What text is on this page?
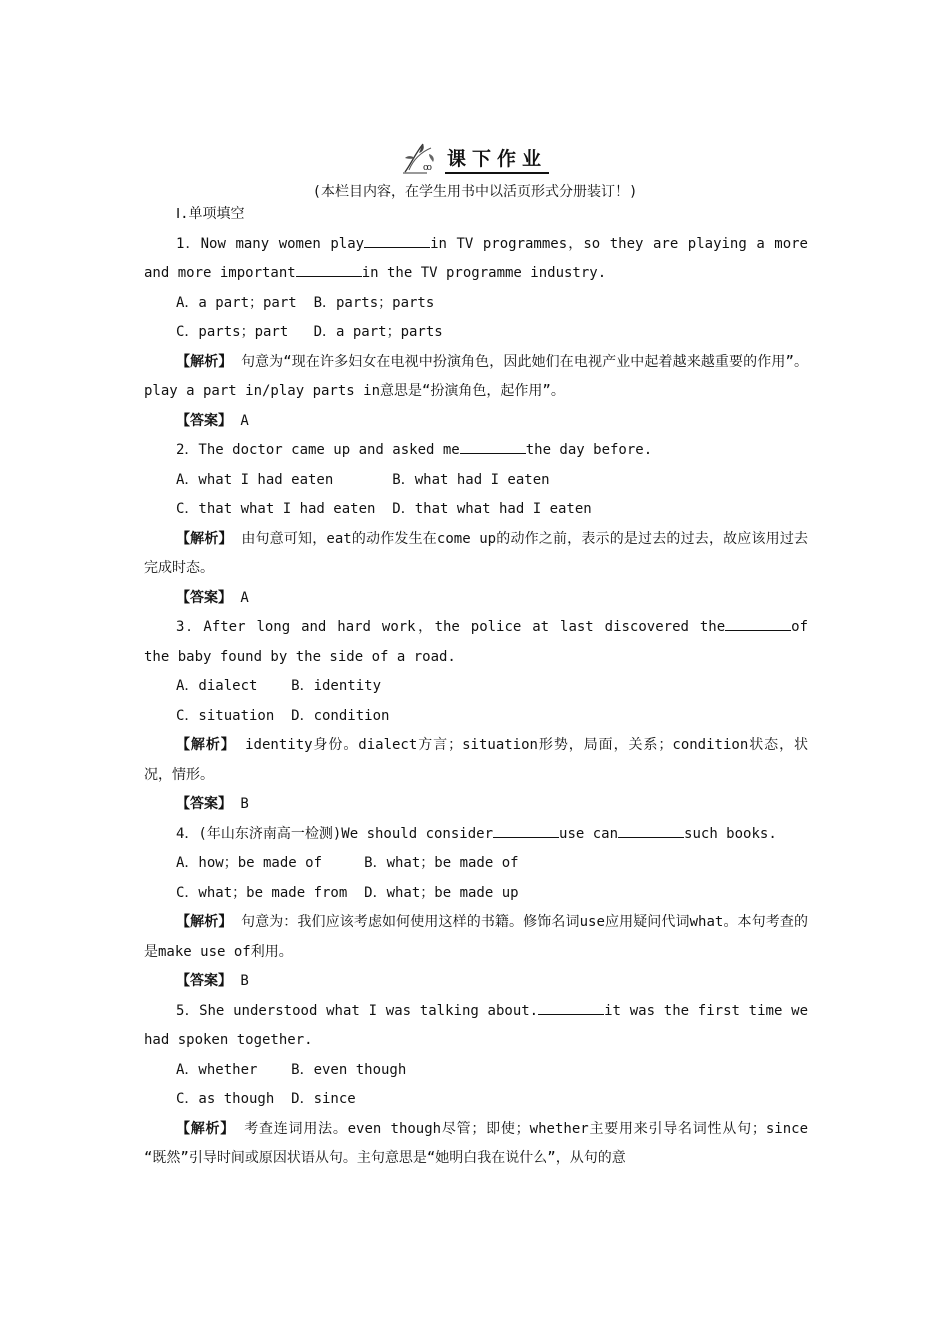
ꝏ 课下作业
(本栏目内容，在学生用书中以活页形式分册装订！)
Ⅰ.单项填空

1．Now many women play	in TV programmes，so they are playing a more and more important	in the TV programme industry.

A．a part；part  B．parts；parts

C．parts；part   D．a part；parts

【解析】 句意为“现在许多妇女在电视中扮演角色，因此她们在电视产业中起着越来越重要的作用”。play a part in/play parts in意思是“扮演角色，起作用”。

【答案】 A

2．The doctor came up and asked me	the day before.

A．what I had eaten       B．what had I eaten

C．that what I had eaten  D．that what had I eaten

【解析】 由句意可知，eat的动作发生在come up的动作之前，表示的是过去的过去，故应该用过去完成时态。

【答案】 A

3．After long and hard work，the police at last discovered the	of the baby found by the side of a road.

A．dialect    B．identity

C．situation  D．condition

【解析】 identity身份。dialect方言；situation形势，局面，关系；condition状态，状况，情形。

【答案】 B

4．(年山东济南高一检测)We should consider	use can	such books.

A．how；be made of     B．what；be made of

C．what；be made from  D．what；be made up

【解析】 句意为：我们应该考虑如何使用这样的书籍。修饰名词use应用疑问代词what。本句考查的是make use of利用。

【答案】 B

5．She understood what I was talking about.	it was the first time we had spoken together.

A．whether    B．even though

C．as though  D．since

【解析】 考查连词用法。even though尽管；即使；whether主要用来引导名词性从句；since “既然”引导时间或原因状语从句。主句意思是“她明白我在说什么”，从句的意
